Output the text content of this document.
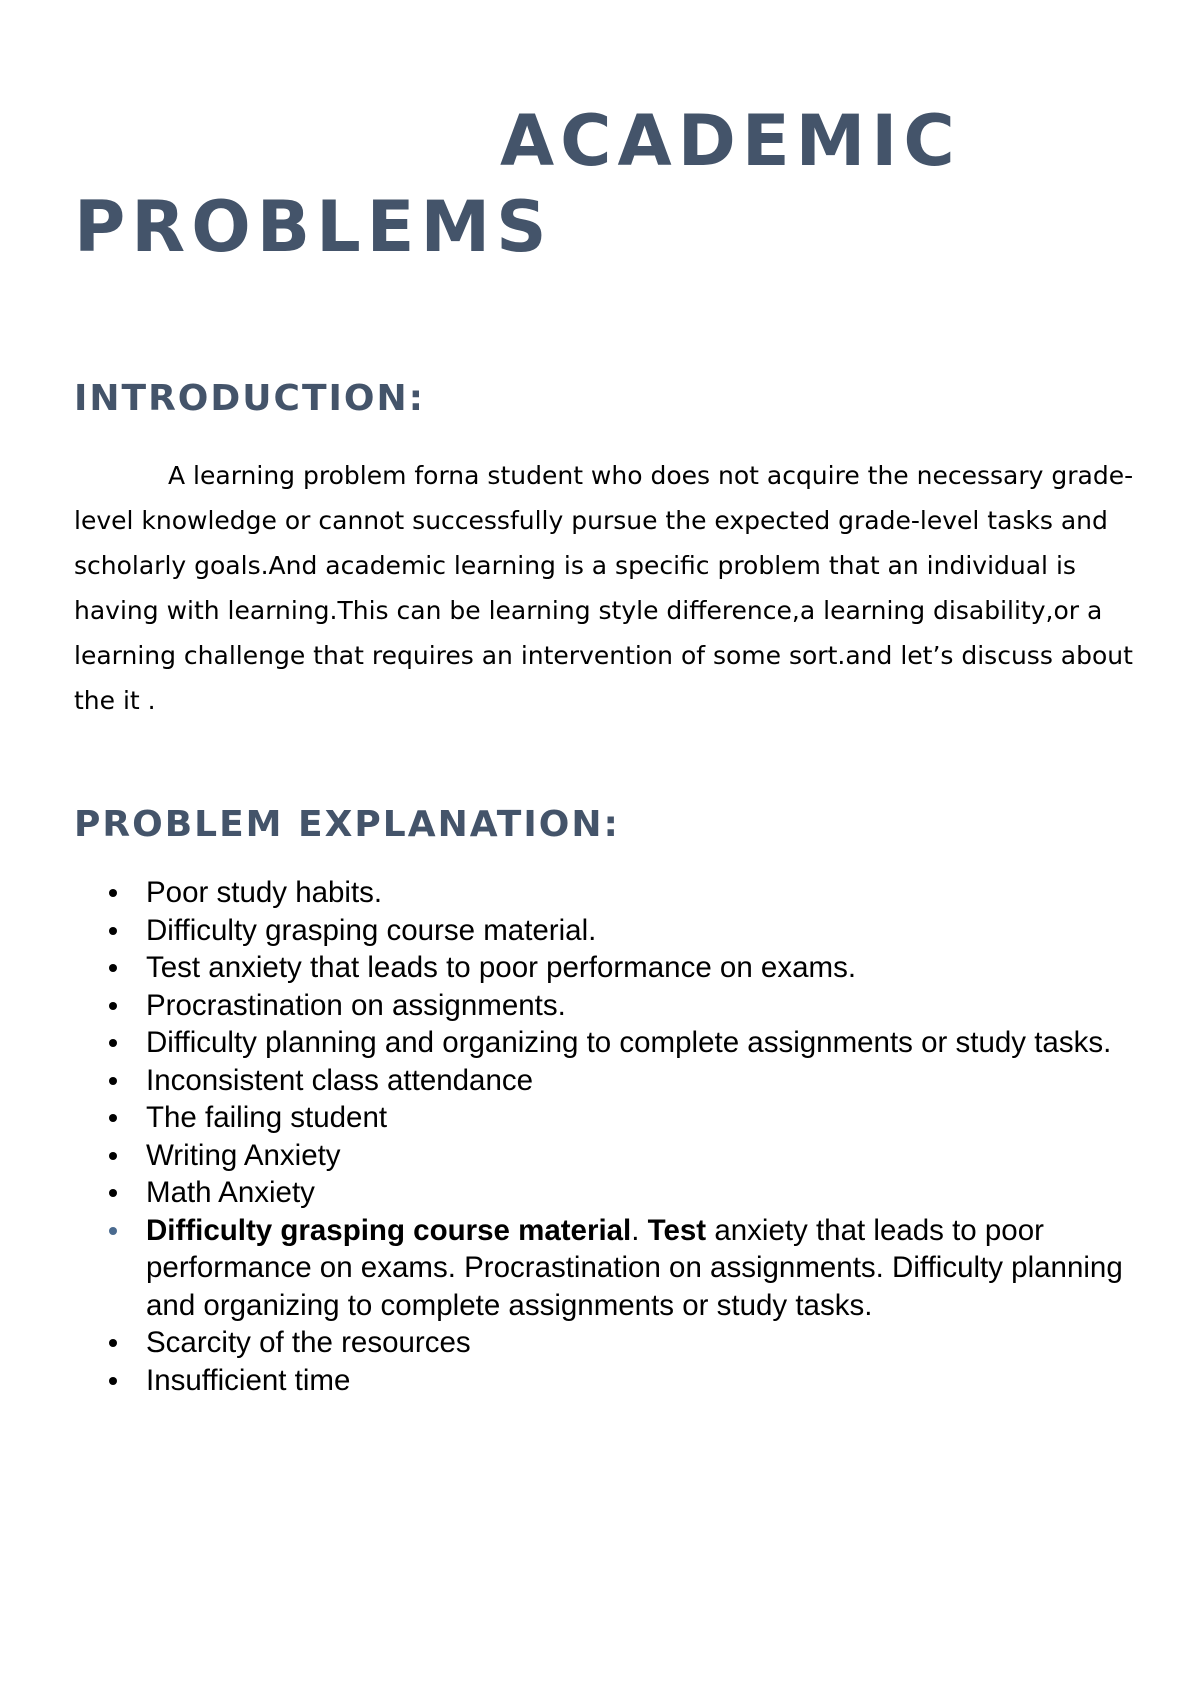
ACADEMIC
PROBLEMS
INTRODUCTION:

A learning problem forna student who does not acquire the necessary grade-level knowledge or cannot successfully pursue the expected grade-level tasks and scholarly goals.And academic learning is a specific problem that an individual is having with learning.This can be learning style difference,a learning disability,or a learning challenge that requires an intervention of some sort.and let’s discuss about the it .

PROBLEM EXPLANATION:
Poor study habits.
Difficulty grasping course material.
Test anxiety that leads to poor performance on exams.
Procrastination on assignments.
Difficulty planning and organizing to complete assignments or study tasks.
Inconsistent class attendance
The failing student
Writing Anxiety
Math Anxiety
Difficulty grasping course material. Test anxiety that leads to poor performance on exams. Procrastination on assignments. Difficulty planning and organizing to complete assignments or study tasks.
Scarcity of the resources
Insufficient time
